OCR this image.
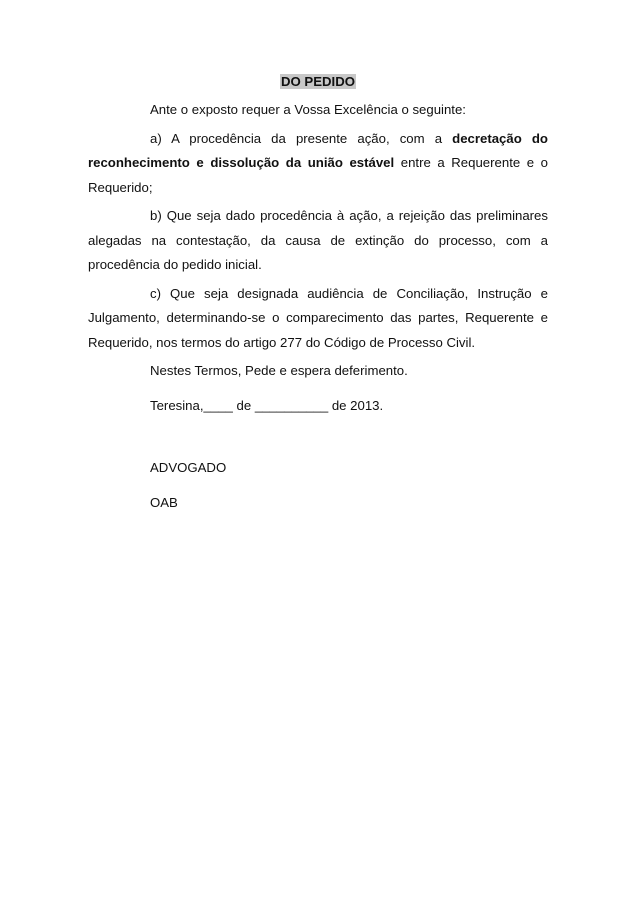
DO PEDIDO

Ante o exposto requer a Vossa Excelência o seguinte:

a) A procedência da presente ação, com a decretação do reconhecimento e dissolução da união estável entre a Requerente e o Requerido;

b) Que seja dado procedência à ação, a rejeição das preliminares alegadas na contestação, da causa de extinção do processo, com a procedência do pedido inicial.

c) Que seja designada audiência de Conciliação, Instrução e Julgamento, determinando-se o comparecimento das partes, Requerente e Requerido, nos termos do artigo 277 do Código de Processo Civil.

Nestes Termos, Pede e espera deferimento.

Teresina,____ de __________ de 2013.

ADVOGADO

OAB
